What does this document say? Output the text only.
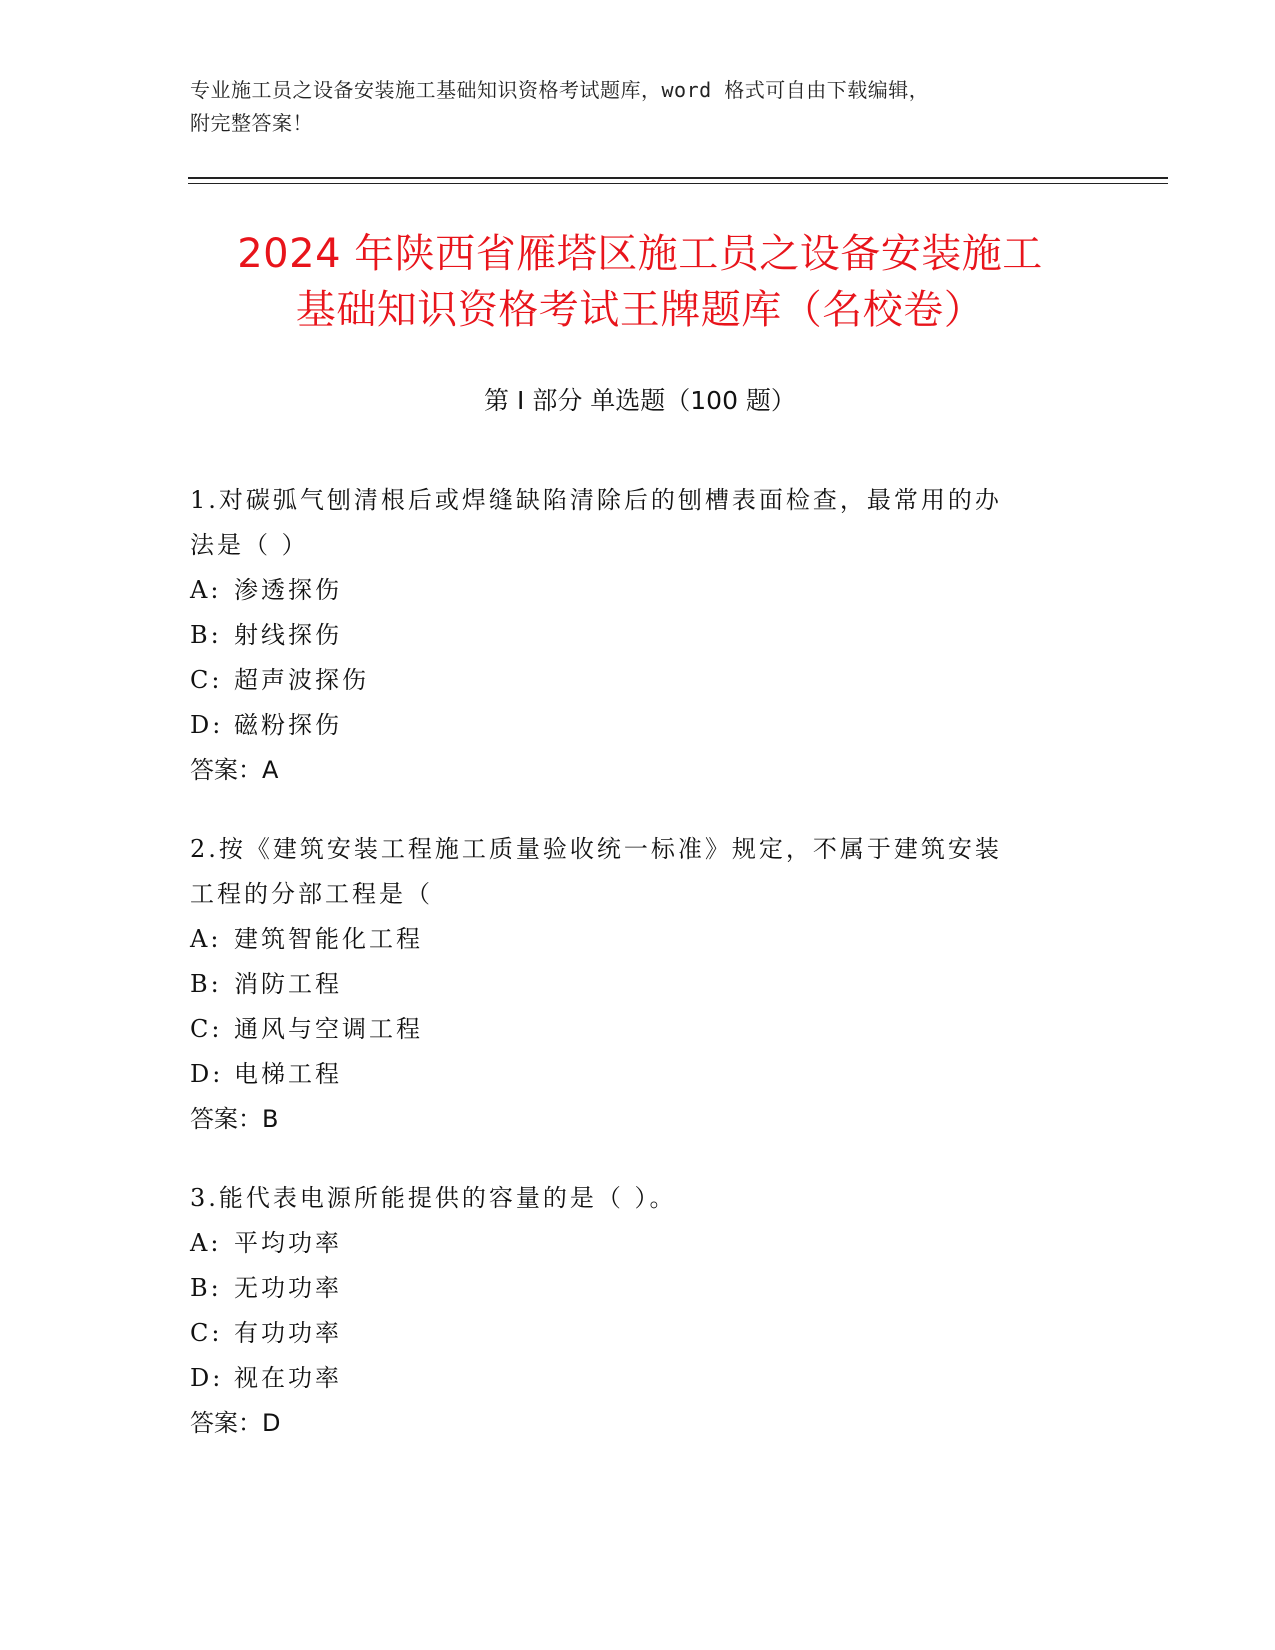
专业施工员之设备安装施工基础知识资格考试题库，word 格式可自由下载编辑，
附完整答案！
2024 年陕西省雁塔区施工员之设备安装施工
基础知识资格考试王牌题库（名校卷）
第 I 部分 单选题（100 题）
1.对碳弧气刨清根后或焊缝缺陷清除后的刨槽表面检查，最常用的办
法是（ ）
A: 渗透探伤
B: 射线探伤
C: 超声波探伤
D: 磁粉探伤
答案：A
2.按《建筑安装工程施工质量验收统一标准》规定，不属于建筑安装
工程的分部工程是（
A: 建筑智能化工程
B: 消防工程
C: 通风与空调工程
D: 电梯工程
答案：B
3.能代表电源所能提供的容量的是（ ）。
A: 平均功率
B: 无功功率
C: 有功功率
D: 视在功率
答案：D
